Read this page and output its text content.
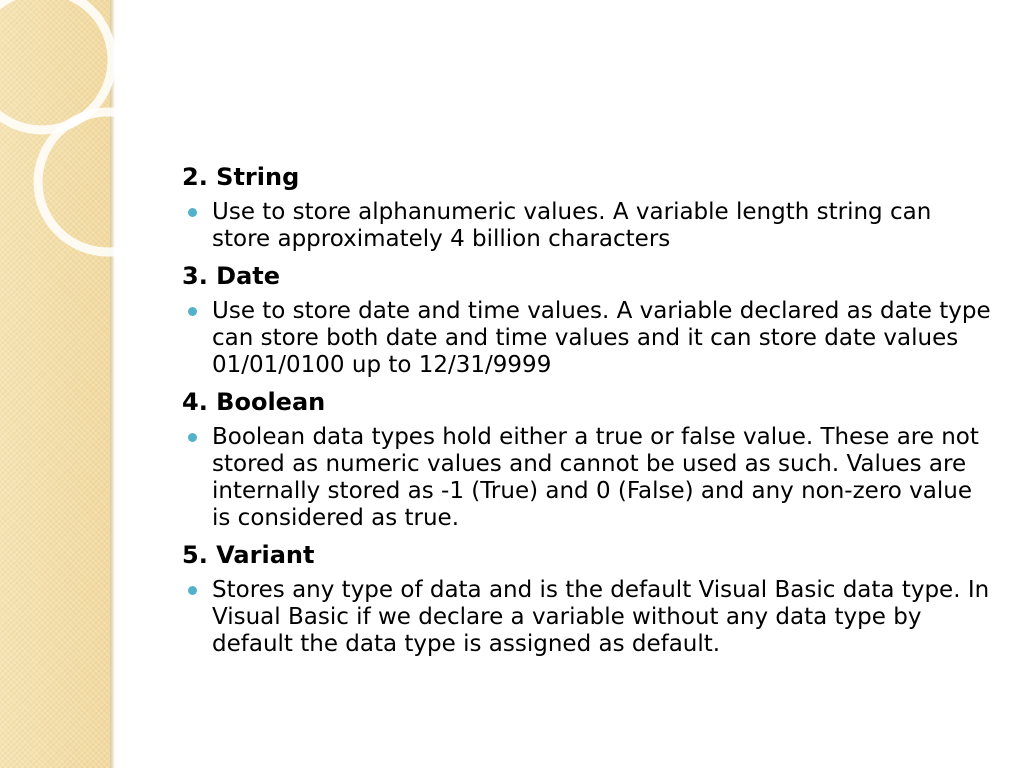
2. String

Use to store alphanumeric values. A variable length string can store approximately 4 billion characters

3. Date

Use to store date and time values. A variable declared as date type can store both date and time values and it can store date values 01/01/0100 up to 12/31/9999

4. Boolean

Boolean data types hold either a true or false value. These are not stored as numeric values and cannot be used as such. Values are internally stored as -1 (True) and 0 (False) and any non-zero value is considered as true.

5. Variant

Stores any type of data and is the default Visual Basic data type. In Visual Basic if we declare a variable without any data type by default the data type is assigned as default.
